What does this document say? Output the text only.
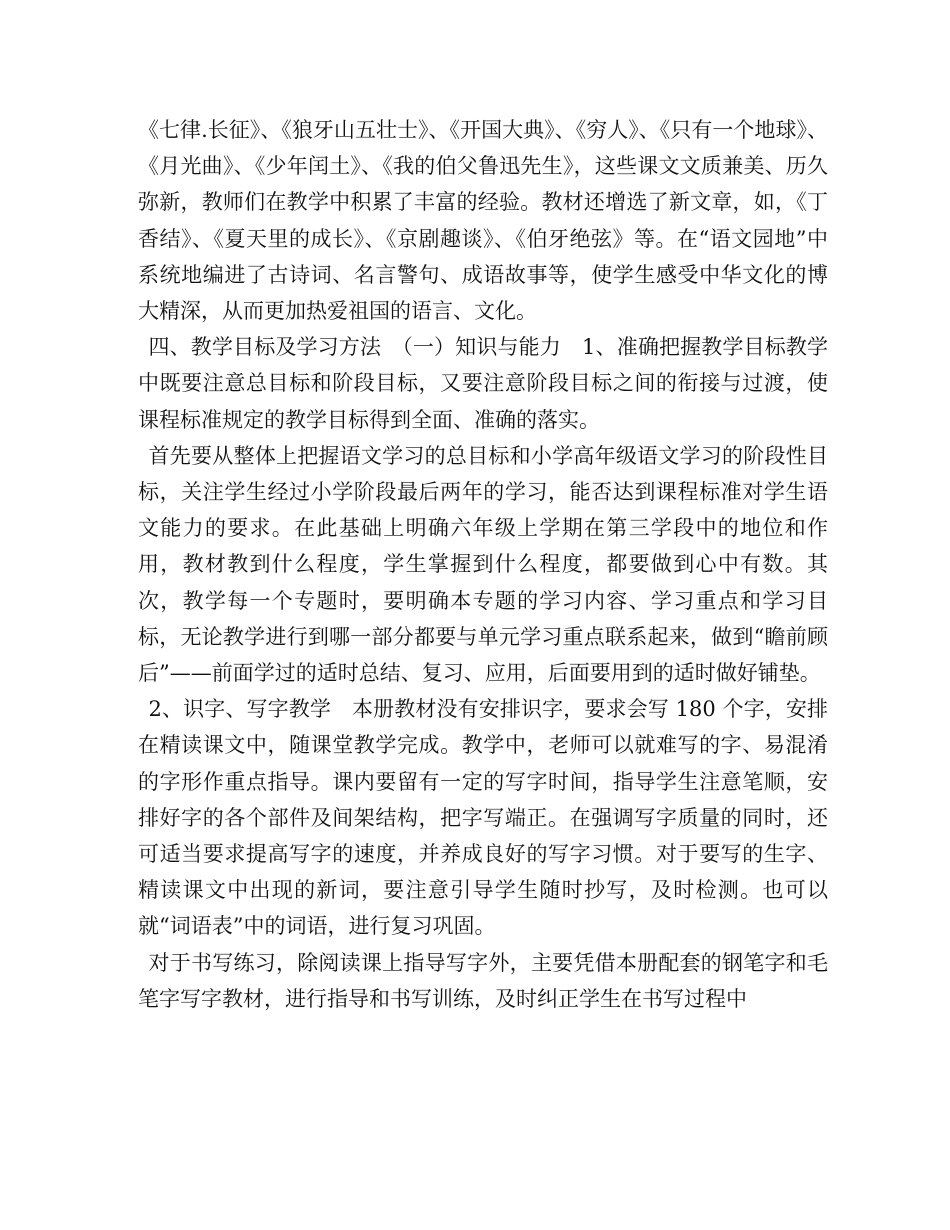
《七律.长征》、《狼牙山五壮士》、《开国大典》、《穷人》、《只有一个地球》、《月光曲》、《少年闰土》、《我的伯父鲁迅先生》，这些课文文质兼美、历久弥新，教师们在教学中积累了丰富的经验。教材还增选了新文章，如，《丁香结》、《夏天里的成长》、《京剧趣谈》、《伯牙绝弦》等。在“语文园地”中系统地编进了古诗词、名言警句、成语故事等，使学生感受中华文化的博大精深，从而更加热爱祖国的语言、文化。

四、教学目标及学习方法　（一）知识与能力　1、准确把握教学目标教学中既要注意总目标和阶段目标，又要注意阶段目标之间的衔接与过渡，使课程标准规定的教学目标得到全面、准确的落实。

首先要从整体上把握语文学习的总目标和小学高年级语文学习的阶段性目标，关注学生经过小学阶段最后两年的学习，能否达到课程标准对学生语文能力的要求。在此基础上明确六年级上学期在第三学段中的地位和作用，教材教到什么程度，学生掌握到什么程度，都要做到心中有数。其次，教学每一个专题时，要明确本专题的学习内容、学习重点和学习目标，无论教学进行到哪一部分都要与单元学习重点联系起来，做到“瞻前顾后”——前面学过的适时总结、复习、应用，后面要用到的适时做好铺垫。

2、识字、写字教学　本册教材没有安排识字，要求会写 180 个字，安排在精读课文中，随课堂教学完成。教学中，老师可以就难写的字、易混淆的字形作重点指导。课内要留有一定的写字时间，指导学生注意笔顺，安排好字的各个部件及间架结构，把字写端正。在强调写字质量的同时，还可适当要求提高写字的速度，并养成良好的写字习惯。对于要写的生字、精读课文中出现的新词，要注意引导学生随时抄写，及时检测。也可以就“词语表”中的词语，进行复习巩固。

对于书写练习，除阅读课上指导写字外，主要凭借本册配套的钢笔字和毛笔字写字教材，进行指导和书写训练，及时纠正学生在书写过程中
